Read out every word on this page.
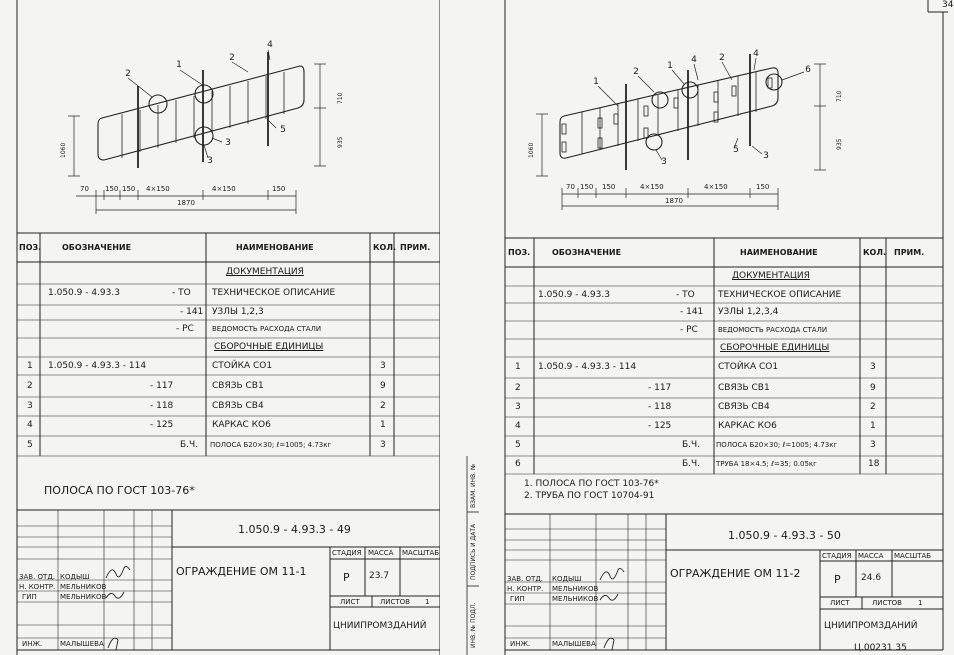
2
1
2
4
5
3
3
710
935
1060
70 150 150 4×150	4×150	150
1870
ПОЗ.	ОБОЗНАЧЕНИЕ	НАИМЕНОВАНИЕ	КОЛ. ПРИМ.
ДОКУМЕНТАЦИЯ
1.050.9 - 4.93.3	- ТО ТЕХНИЧЕСКОЕ ОПИСАНИЕ
- 141 УЗЛЫ 1,2,3
- РС	ВЕДОМОСТЬ РАСХОДА СТАЛИ
СБОРОЧНЫЕ ЕДИНИЦЫ
1 1.050.9 - 4.93.3 - 114	СТОЙКА СО1	3
2	- 117	СВЯЗЬ СВ1	9
3	- 118	СВЯЗЬ СВ4	2
4	- 125	КАРКАС КО6	1
5	Б.Ч. ПОЛОСА Б20×30; ℓ=1005; 4.73кг	3
ПОЛОСА ПО ГОСТ 103-76*
1.050.9 - 4.93.3 - 49
ОГРАЖДЕНИЕ ОМ 11-1
СТАДИЯ МАССА МАСШТАБ
Р 23.7
ЛИСТ	ЛИСТОВ 1
ЦНИИПРОМЗДАНИЙ
ЗАВ. ОТД.
Н. КОНТР.
ГИП
ИНЖ.
КОДЫШ
МЕЛЬНИКОВ
МЕЛЬНИКОВ
МАЛЫШЕВА
ВЗАМ. ИНВ. №
ПОДПИСЬ И ДАТА
ИНВ. № ПОДЛ.
34
1
2
1
4 2	4
6
3
5
3
710
935
1060
70 150 150	4×150	4×150	150
1870
ПОЗ.	ОБОЗНАЧЕНИЕ	НАИМЕНОВАНИЕ	КОЛ. ПРИМ.
ДОКУМЕНТАЦИЯ
1.050.9 - 4.93.3	- ТО	ТЕХНИЧЕСКОЕ ОПИСАНИЕ
- 141 УЗЛЫ 1,2,3,4
- РС	ВЕДОМОСТЬ РАСХОДА СТАЛИ
СБОРОЧНЫЕ ЕДИНИЦЫ
1 1.050.9 - 4.93.3 - 114	СТОЙКА СО1	3
2	- 117	СВЯЗЬ СВ1	9
3	- 118	СВЯЗЬ СВ4	2
4	- 125	КАРКАС КО6	1
5	Б.Ч. ПОЛОСА Б20×30; ℓ=1005; 4.73кг	3
6	Б.Ч. ТРУБА 18×4.5; ℓ=35; 0.05кг	18
1. ПОЛОСА ПО ГОСТ 103-76*
2. ТРУБА ПО ГОСТ 10704-91
1.050.9 - 4.93.3 - 50
ОГРАЖДЕНИЕ ОМ 11-2
СТАДИЯ МАССА МАСШТАБ
Р 24.6
ЛИСТ	ЛИСТОВ 1
ЦНИИПРОМЗДАНИЙ
ЗАВ. ОТД.
Н. КОНТР.
ГИП
ИНЖ.
КОДЫШ
МЕЛЬНИКОВ
МЕЛЬНИКОВ
МАЛЫШЕВА	Ц.00231 35
